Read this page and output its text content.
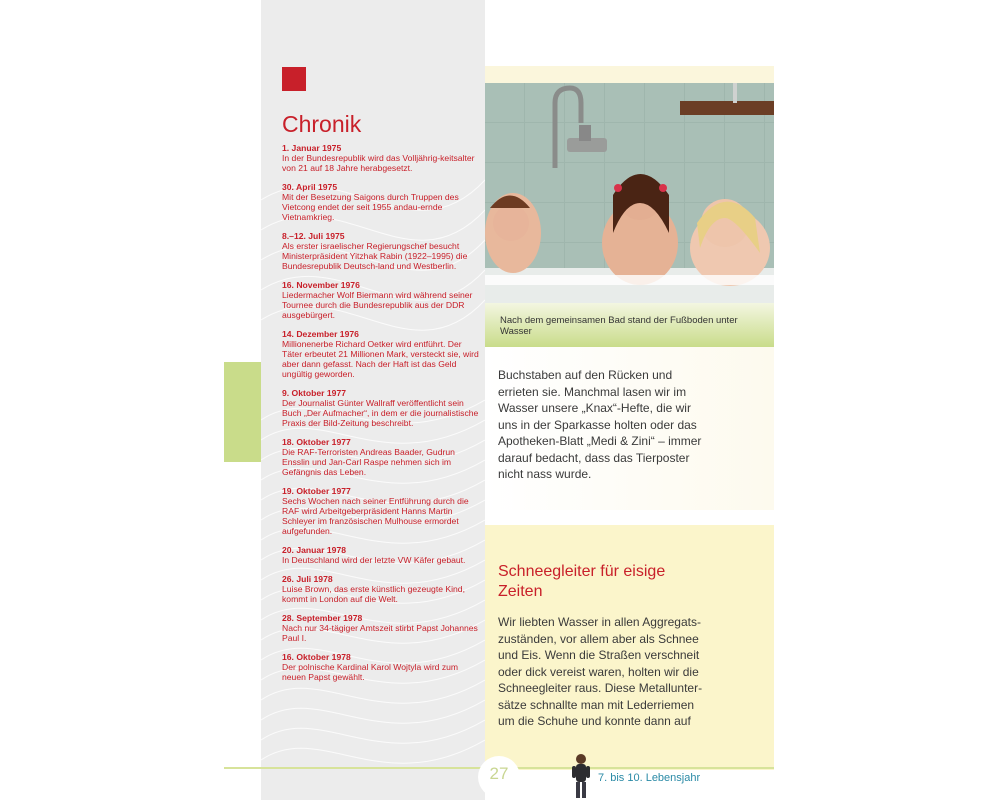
Chronik
1. Januar 1975
In der Bundesrepublik wird das Volljährig-keitsalter von 21 auf 18 Jahre herabgesetzt.
30. April 1975
Mit der Besetzung Saigons durch Truppen des Vietcong endet der seit 1955 andau-ernde Vietnamkrieg.
8.–12. Juli 1975
Als erster israelischer Regierungschef besucht Ministerpräsident Yitzhak Rabin (1922–1995) die Bundesrepublik Deutsch-land und Westberlin.
16. November 1976
Liedermacher Wolf Biermann wird während seiner Tournee durch die Bundesrepublik aus der DDR ausgebürgert.
14. Dezember 1976
Millionenerbe Richard Oetker wird entführt. Der Täter erbeutet 21 Millionen Mark, versteckt sie, wird aber dann gefasst. Nach der Haft ist das Geld ungültig geworden.
9. Oktober 1977
Der Journalist Günter Wallraff veröffentlicht sein Buch „Der Aufmacher“, in dem er die journalistische Praxis der Bild-Zeitung beschreibt.
18. Oktober 1977
Die RAF-Terroristen Andreas Baader, Gudrun Ensslin und Jan-Carl Raspe nehmen sich im Gefängnis das Leben.
19. Oktober 1977
Sechs Wochen nach seiner Entführung durch die RAF wird Arbeitgeberpräsident Hanns Martin Schleyer im französischen Mulhouse ermordet aufgefunden.
20. Januar 1978
In Deutschland wird der letzte VW Käfer gebaut.
26. Juli 1978
Luise Brown, das erste künstlich gezeugte Kind, kommt in London auf die Welt.
28. September 1978
Nach nur 34-tägiger Amtszeit stirbt Papst Johannes Paul I.
16. Oktober 1978
Der polnische Kardinal Karol Wojtyla wird zum neuen Papst gewählt.
Nach dem gemeinsamen Bad stand der Fußboden unter Wasser
Buchstaben auf den Rücken und errieten sie. Manchmal lasen wir im Wasser unsere „Knax“-Hefte, die wir uns in der Sparkasse holten oder das Apotheken-Blatt „Medi & Zini“ – immer darauf bedacht, dass das Tierposter nicht nass wurde.
Schneegleiter für eisige Zeiten
Wir liebten Wasser in allen Aggregats-zuständen, vor allem aber als Schnee und Eis. Wenn die Straßen verschneit oder dick vereist waren, holten wir die Schneegleiter raus. Diese Metallunter-sätze schnallte man mit Lederriemen um die Schuhe und konnte dann auf
27	7. bis 10. Lebensjahr
